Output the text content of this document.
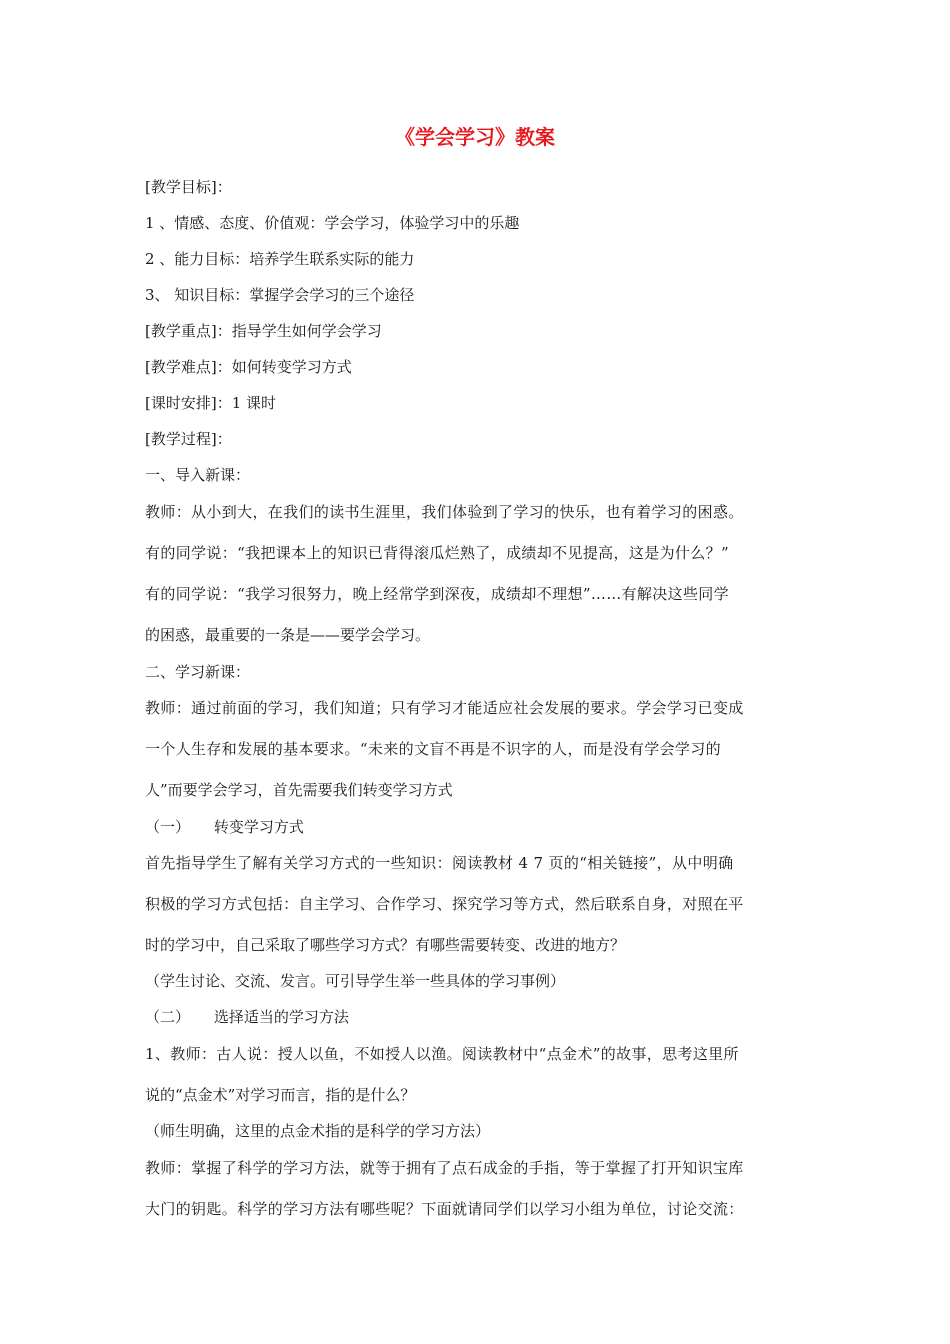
《学会学习》教案

[教学目标]：

1 、情感、态度、价值观：学会学习，体验学习中的乐趣

2 、能力目标：培养学生联系实际的能力

3、 知识目标：掌握学会学习的三个途径

[教学重点]：指导学生如何学会学习

[教学难点]：如何转变学习方式

[课时安排]：1 课时

[教学过程]：

一、导入新课：

教师：从小到大，在我们的读书生涯里，我们体验到了学习的快乐，也有着学习的困惑。

有的同学说：“我把课本上的知识已背得滚瓜烂熟了，成绩却不见提高，这是为什么？”

有的同学说：“我学习很努力，晚上经常学到深夜，成绩却不理想”……有解决这些同学

的困惑，最重要的一条是——要学会学习。

二、学习新课：

教师：通过前面的学习，我们知道；只有学习才能适应社会发展的要求。学会学习已变成

一个人生存和发展的基本要求。“未来的文盲不再是不识字的人，而是没有学会学习的

人”而要学会学习，首先需要我们转变学习方式

（一）     转变学习方式

首先指导学生了解有关学习方式的一些知识：阅读教材 4 7 页的“相关链接”，从中明确

积极的学习方式包括：自主学习、合作学习、探究学习等方式，然后联系自身，对照在平

时的学习中，自己采取了哪些学习方式？有哪些需要转变、改进的地方？

（学生讨论、交流、发言。可引导学生举一些具体的学习事例）

（二）     选择适当的学习方法

1、教师：古人说：授人以鱼，不如授人以渔。阅读教材中“点金术”的故事，思考这里所

说的“点金术”对学习而言，指的是什么？

（师生明确，这里的点金术指的是科学的学习方法）

教师：掌握了科学的学习方法，就等于拥有了点石成金的手指，等于掌握了打开知识宝库

大门的钥匙。科学的学习方法有哪些呢？下面就请同学们以学习小组为单位，讨论交流：
